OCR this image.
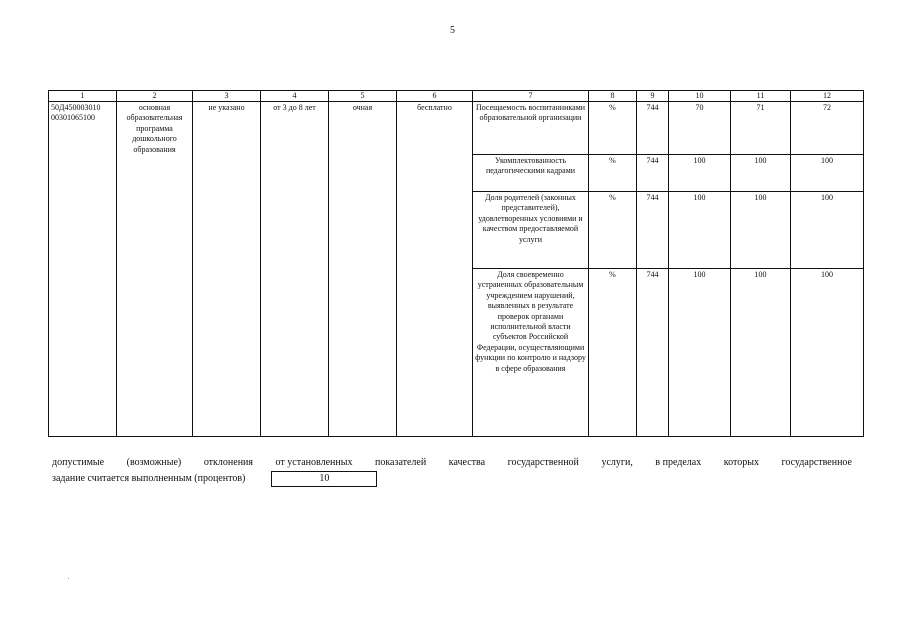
5
1	2	3	4	5	6	7	8	9	10	11	12
50Д450003010 00301065100	основная образовательная программа дошкольного образования	не указано	от 3 до 8 лет	очная	бесплатно	Посещаемость воспитанниками образовательной организации	%	744	70	71	72
						Укомплектованность педагогическими кадрами	%	744	100	100	100
						Доля родителей (законных представителей), удовлетворенных условиями и качеством предоставляемой услуги	%	744	100	100	100
						Доля своевременно устраненных образовательным учреждением нарушений, выявленных в результате проверок органами исполнительной власти субъектов Российской Федерации, осуществляющими функции по контролю и надзору в сфере образования	%	744	100	100	100
допустимые (возможные) отклонения от установленных показателей качества государственной услуги, в пределах которых государственное
задание считается выполненным (процентов)	10
